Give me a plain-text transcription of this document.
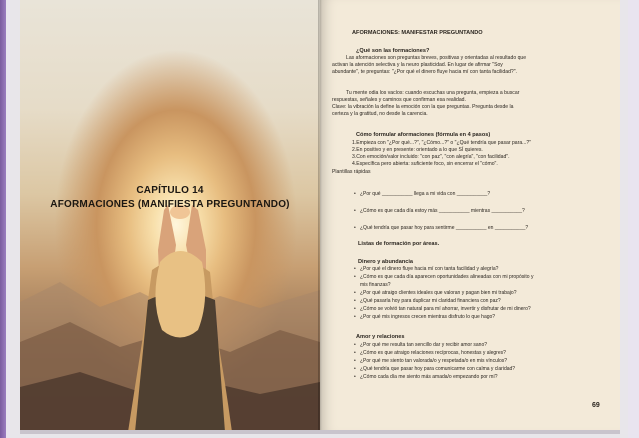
CAPÍTULO 14
AFORMACIONES (MANIFIESTA PREGUNTANDO)
AFORMACIONES: MANIFESTAR PREGUNTANDO
¿Qué son las formaciones?
Las aformaciones son preguntas breves, positivas y orientadas al resultado que
activan la atención selectiva y la neuro plasticidad. En lugar de afirmar "Soy
abundante", te preguntas: "¿Por qué el dinero fluye hacia mí con tanta facilidad?".
Tu mente odia los vacíos: cuando escuchas una pregunta, empieza a buscar
respuestas, señales y caminos que confirman esa realidad.
Clave: la vibración la define la emoción con la que preguntas. Pregunta desde la
certeza y la gratitud, no desde la carencia.
Cómo formular aformaciones (fórmula en 4 pasos)
1.Empieza con "¿Por qué...?", "¿Cómo...?" o "¿Qué tendría que pasar para...?"
2.En positivo y en presente: orientado a lo que SÍ quieres.
3.Con emoción/valor incluido: "con paz", "con alegría", "con facilidad".
4.Específica pero abierta: suficiente foco, sin encerrar el "cómo".
Plantillas rápidas
• ¿Por qué ___________ llega a mi vida con ___________?
• ¿Cómo es que cada día estoy más ___________ mientras ___________?
• ¿Qué tendría que pasar hoy para sentirme ___________ en ___________?
Listas de formación por áreas.
Dinero y abundancia
• ¿Por qué el dinero fluye hacia mí con tanta facilidad y alegría?
• ¿Cómo es que cada día aparecen oportunidades alineadas con mi propósito y
mis finanzas?
• ¿Por qué atraigo clientes ideales que valoran y pagan bien mi trabajo?
• ¿Qué pasaría hoy para duplicar mi claridad financiera con paz?
• ¿Cómo se volvió tan natural para mí ahorrar, invertir y disfrutar de mi dinero?
• ¿Por qué mis ingresos crecen mientras disfruto lo que hago?
Amor y relaciones
• ¿Por qué me resulta tan sencillo dar y recibir amor sano?
• ¿Cómo es que atraigo relaciones recíprocas, honestas y alegres?
• ¿Por qué me siento tan valorada/o y respetada/o en mis vínculos?
• ¿Qué tendría que pasar hoy para comunicarme con calma y claridad?
• ¿Cómo cada día me siento más amada/o empezando por mí?
69
